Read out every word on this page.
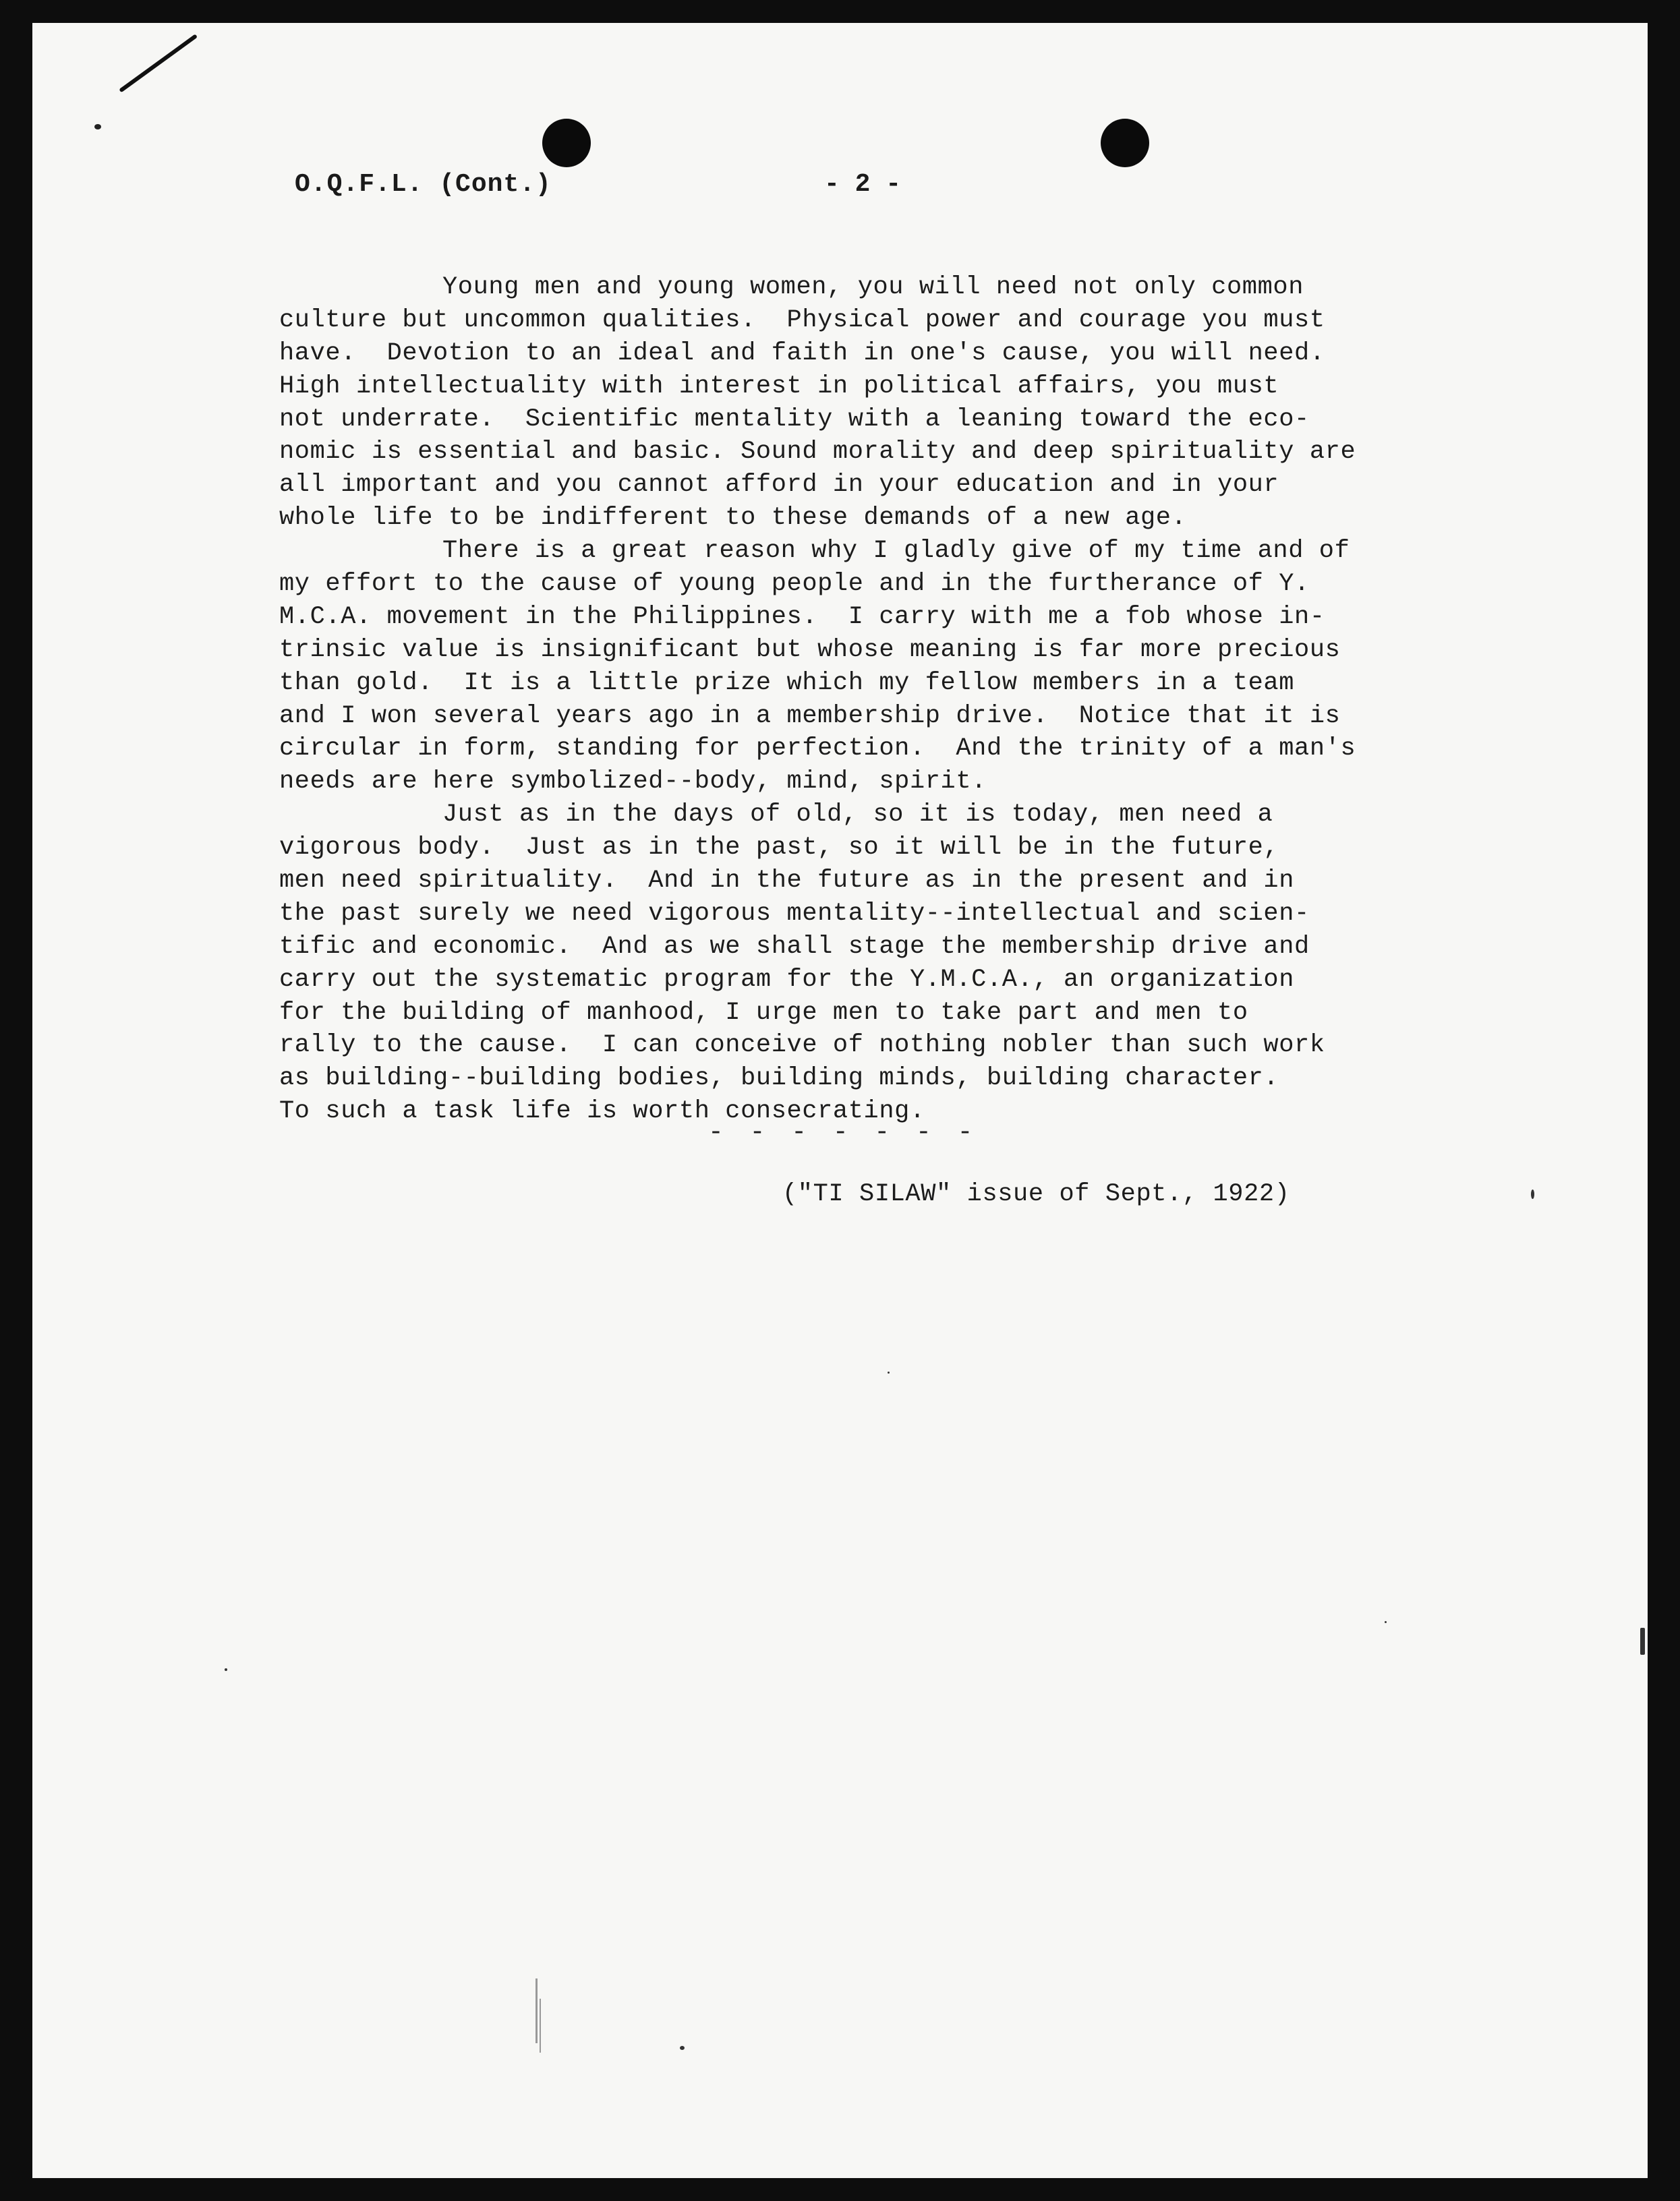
O.Q.F.L. (Cont.)	- 2 -
Young men and young women, you will need not only common
culture but uncommon qualities.  Physical power and courage you must
have.  Devotion to an ideal and faith in one's cause, you will need.
High intellectuality with interest in political affairs, you must
not underrate.  Scientific mentality with a leaning toward the eco-
nomic is essential and basic. Sound morality and deep spirituality are
all important and you cannot afford in your education and in your
whole life to be indifferent to these demands of a new age.
There is a great reason why I gladly give of my time and of
my effort to the cause of young people and in the furtherance of Y.
M.C.A. movement in the Philippines.  I carry with me a fob whose in-
trinsic value is insignificant but whose meaning is far more precious
than gold.  It is a little prize which my fellow members in a team
and I won several years ago in a membership drive.  Notice that it is
circular in form, standing for perfection.  And the trinity of a man's
needs are here symbolized--body, mind, spirit.
Just as in the days of old, so it is today, men need a
vigorous body.  Just as in the past, so it will be in the future,
men need spirituality.  And in the future as in the present and in
the past surely we need vigorous mentality--intellectual and scien-
tific and economic.  And as we shall stage the membership drive and
carry out the systematic program for the Y.M.C.A., an organization
for the building of manhood, I urge men to take part and men to
rally to the cause.  I can conceive of nothing nobler than such work
as building--building bodies, building minds, building character.
To such a task life is worth consecrating.
- - - - - - -
("TI SILAW" issue of Sept., 1922)
